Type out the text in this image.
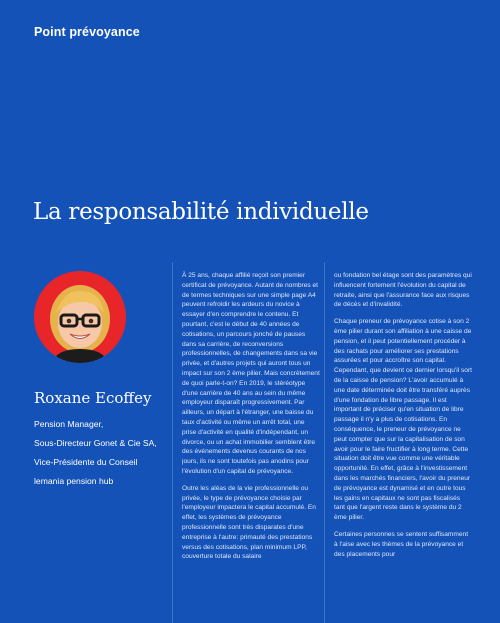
Point prévoyance
La responsabilité individuelle
Roxane Ecoffey
Pension Manager,
Sous-Directeur Gonet & Cie SA,
Vice-Présidente du Conseil
lemania pension hub

À 25 ans, chaque affilié reçoit son premier certificat de prévoyance. Autant de nombres et de termes techniques sur une simple page A4 peuvent refroidir les ardeurs du novice à essayer d'en comprendre le contenu. Et pourtant, c'est le début de 40 années de cotisations, un parcours jonché de pauses dans sa carrière, de reconversions professionnelles, de changements dans sa vie privée, et d'autres projets qui auront tous un impact sur son 2 ème pilier. Mais concrètement de quoi parle-t-on? En 2019, le stéréotype d'une carrière de 40 ans au sein du même employeur disparaît progressivement. Par ailleurs, un départ à l'étranger, une baisse du taux d'activité ou même un arrêt total, une prise d'activité en qualité d'indépendant, un divorce, ou un achat immobilier semblent être des événements devenus courants de nos jours, ils ne sont toutefois pas anodins pour l'évolution d'un capital de prévoyance.

Outre les aléas de la vie professionnelle ou privée, le type de prévoyance choisie par l'employeur impactera le capital accumulé. En effet, les systèmes de prévoyance professionnelle sont très disparates d'une entreprise à l'autre: primauté des prestations versus des cotisations, plan minimum LPP, couverture totale du salaire

ou fondation bel étage sont des paramètres qui influencent fortement l'évolution du capital de retraite, ainsi que l'assurance face aux risques de décès et d'invalidité.

Chaque preneur de prévoyance cotise à son 2 ème pilier durant son affiliation à une caisse de pension, et il peut potentiellement procéder à des rachats pour améliorer ses prestations assurées et pour accroître son capital. Cependant, que devient ce dernier lorsqu'il sort de la caisse de pension? L'avoir accumulé à une date déterminée doit être transféré auprès d'une fondation de libre passage. Il est important de préciser qu'en situation de libre passage il n'y a plus de cotisations. En conséquence, le preneur de prévoyance ne peut compter que sur la capitalisation de son avoir pour le faire fructifier à long terme. Cette situation doit être vue comme une véritable opportunité. En effet, grâce à l'investissement dans les marchés financiers, l'avoir du preneur de prévoyance est dynamisé et en outre tous les gains en capitaux ne sont pas fiscalisés tant que l'argent reste dans le système du 2 ème pilier.

Certaines personnes se sentent suffisamment à l'aise avec les thèmes de la prévoyance et des placements pour
